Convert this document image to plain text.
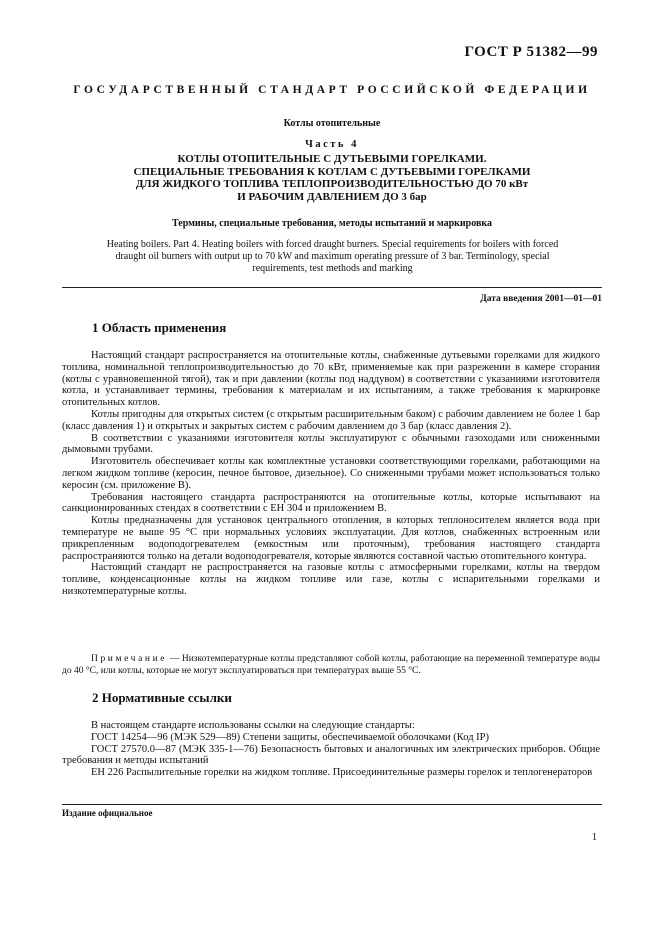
ГОСТ Р 51382—99
ГОСУДАРСТВЕННЫЙ СТАНДАРТ РОССИЙСКОЙ ФЕДЕРАЦИИ
Котлы отопительные
Часть 4
КОТЛЫ ОТОПИТЕЛЬНЫЕ С ДУТЬЕВЫМИ ГОРЕЛКАМИ.
СПЕЦИАЛЬНЫЕ ТРЕБОВАНИЯ К КОТЛАМ С ДУТЬЕВЫМИ ГОРЕЛКАМИ
ДЛЯ ЖИДКОГО ТОПЛИВА ТЕПЛОПРОИЗВОДИТЕЛЬНОСТЬЮ ДО 70 кВт
И РАБОЧИМ ДАВЛЕНИЕМ ДО 3 бар
Термины, специальные требования, методы испытаний и маркировка
Heating boilers. Part 4. Heating boilers with forced draught burners. Special requirements for boilers with forced
draught oil burners with output up to 70 kW and maximum operating pressure of 3 bar. Terminology, special
requirements, test methods and marking
Дата введения 2001—01—01
1 Область применения

Настоящий стандарт распространяется на отопительные котлы, снабженные дутьевыми горелками для жидкого топлива, номинальной теплопроизводительностью до 70 кВт, применяемые как при разрежении в камере сгорания (котлы с уравновешенной тягой), так и при давлении (котлы под наддувом) в соответствии с указаниями изготовителя котла, и устанавливает термины, требования к материалам и их испытаниям, а также требования к маркировке отопительных котлов.

Котлы пригодны для открытых систем (с открытым расширительным баком) с рабочим давлением не более 1 бар (класс давления 1) и открытых и закрытых систем с рабочим давлением до 3 бар (класс давления 2).

В соответствии с указаниями изготовителя котлы эксплуатируют с обычными газоходами или сниженными дымовыми трубами.

Изготовитель обеспечивает котлы как комплектные установки соответствующими горелками, работающими на легком жидком топливе (керосин, печное бытовое, дизельное). Со сниженными трубами может использоваться только керосин (см. приложение В).

Требования настоящего стандарта распространяются на отопительные котлы, которые испытывают на санкционированных стендах в соответствии с ЕН 304 и приложением В.

Котлы предназначены для установок центрального отопления, в которых теплоносителем является вода при температуре не выше 95 °С при нормальных условиях эксплуатации. Для котлов, снабженных встроенным или прикрепленным водоподогревателем (емкостным или проточным), требования настоящего стандарта распространяются только на детали водоподогревателя, которые являются составной частью отопительного контура.

Настоящий стандарт не распространяется на газовые котлы с атмосферными горелками, котлы на твердом топливе, конденсационные котлы на жидком топливе или газе, котлы с испарительными горелками и низкотемпературные котлы.

Примечание — Низкотемпературные котлы представляют собой котлы, работающие на переменной температуре воды до 40 °С, или котлы, которые не могут эксплуатироваться при температурах выше 55 °С.
2 Нормативные ссылки

В настоящем стандарте использованы ссылки на следующие стандарты:

ГОСТ 14254—96 (МЭК 529—89) Степени защиты, обеспечиваемой оболочками (Код IP)

ГОСТ 27570.0—87 (МЭК 335-1—76) Безопасность бытовых и аналогичных им электрических приборов. Общие требования и методы испытаний

ЕН 226 Распылительные горелки на жидком топливе. Присоединительные размеры горелок и теплогенераторов

Издание официальное
1
